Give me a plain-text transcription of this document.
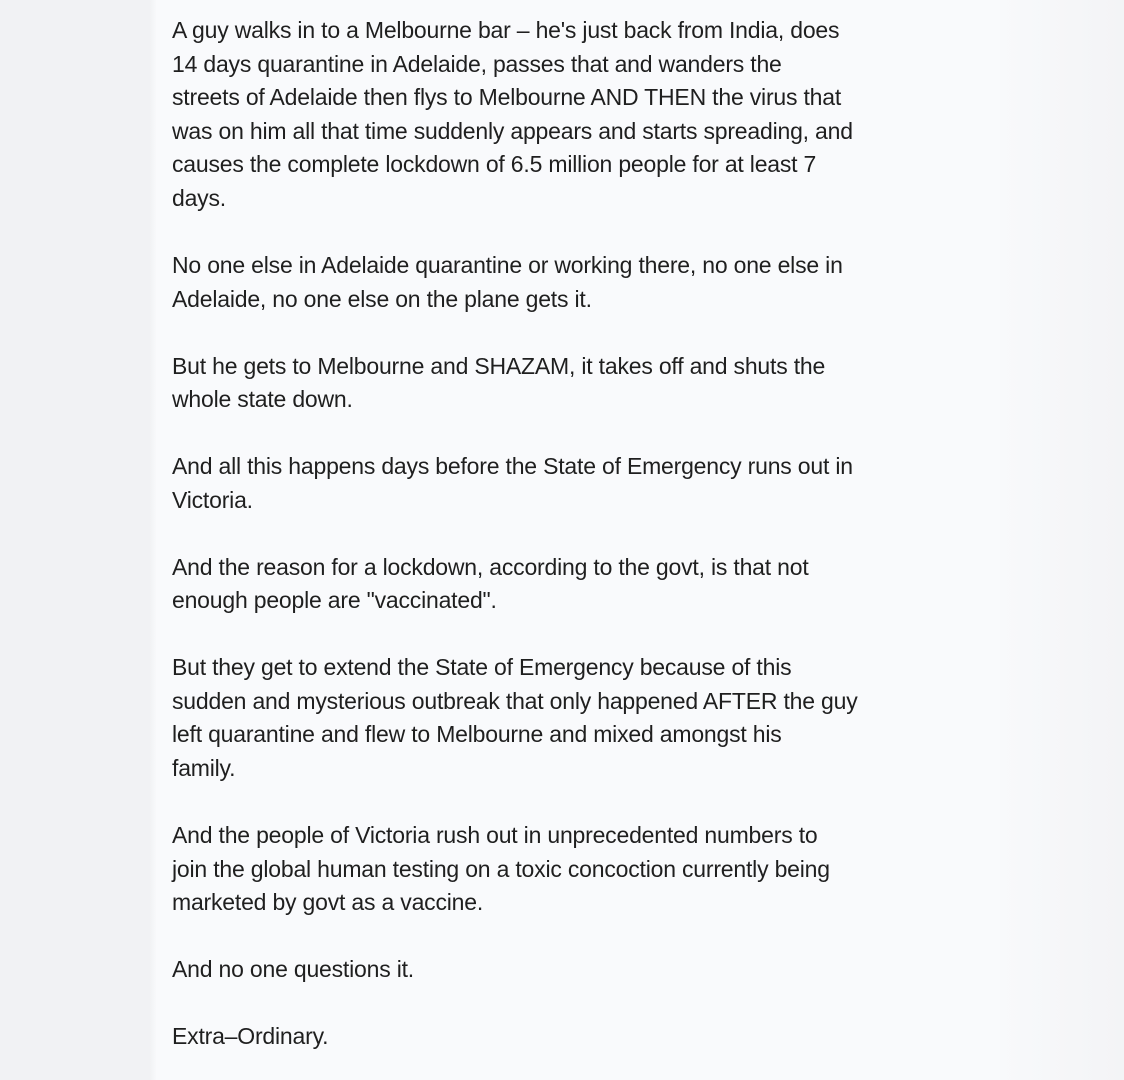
A guy walks in to a Melbourne bar – he's just back from India, does
14 days quarantine in Adelaide, passes that and wanders the
streets of Adelaide then flys to Melbourne AND THEN the virus that
was on him all that time suddenly appears and starts spreading, and
causes the complete lockdown of 6.5 million people for at least 7
days.

No one else in Adelaide quarantine or working there, no one else in
Adelaide, no one else on the plane gets it.

But he gets to Melbourne and SHAZAM, it takes off and shuts the
whole state down.

And all this happens days before the State of Emergency runs out in
Victoria.

And the reason for a lockdown, according to the govt, is that not
enough people are "vaccinated".

But they get to extend the State of Emergency because of this
sudden and mysterious outbreak that only happened AFTER the guy
left quarantine and flew to Melbourne and mixed amongst his
family.

And the people of Victoria rush out in unprecedented numbers to
join the global human testing on a toxic concoction currently being
marketed by govt as a vaccine.

And no one questions it.

Extra–Ordinary.
